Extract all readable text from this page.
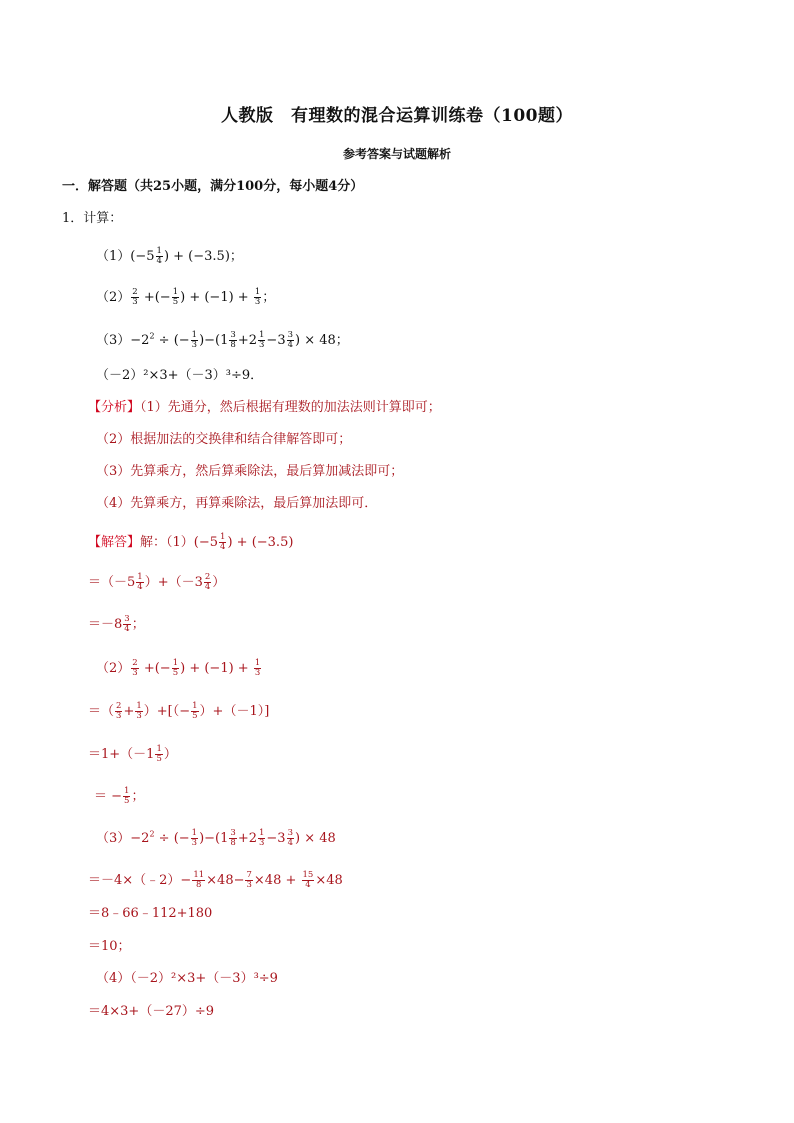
人教版　有理数的混合运算训练卷（100题）
参考答案与试题解析
一．解答题（共25小题，满分100分，每小题4分）
1．计算：
$(1)(-5 \frac{1}{4}$ ) + (−3.5)；
$(2) \frac{2}{3}$ +(− $\frac{1}{5}$ ) + $(-1) + \frac{1}{3}$ ；
$(3)-2^2$ ÷ (− $\frac{1}{3} )-(1 \frac{3}{8} +2 \frac{1}{3} -3 \frac{3}{4}$ ) × 48；
（－2）²×3+（－3）³÷9．
【分析】（1）先通分，然后根据有理数的加法法则计算即可；
（2）根据加法的交换律和结合律解答即可；
（3）先算乘方，然后算乘除法，最后算加减法即可；
（4）先算乘方，再算乘除法，最后算加法即可．
【解答】解：$(1)(-5 \frac{1}{4}$ ) + (−3.5)
$=(-5 \frac{1}{4} )+(-3 \frac{2}{4}$ ）
$=-8 \frac{3}{4}$ ；
$(2) \frac{2}{3}$ +(− $\frac{1}{5}$ ) + $(-1) + \frac{1}{3}$
＝（ $\frac{2}{3} + \frac{1}{3}$ ）+[（− $\frac{1}{5} )+(-1)$]
$=1+(-1 \frac{1}{5}$ ）
＝ − $\frac{1}{5}$ ；
$(3)-2^2$ ÷ (− $\frac{1}{3} )-(1 \frac{3}{8} +2 \frac{1}{3} -3 \frac{3}{4}$ ) × 48
＝－4×（﹣2）− $\frac{11}{8} \times 48- \frac{7}{3} \times 48 + \frac{15}{4} \times 48$
＝8﹣66﹣112+180
＝10；
（4）（－2）²×3+（－3）³÷9
＝4×3+（－27）÷9
